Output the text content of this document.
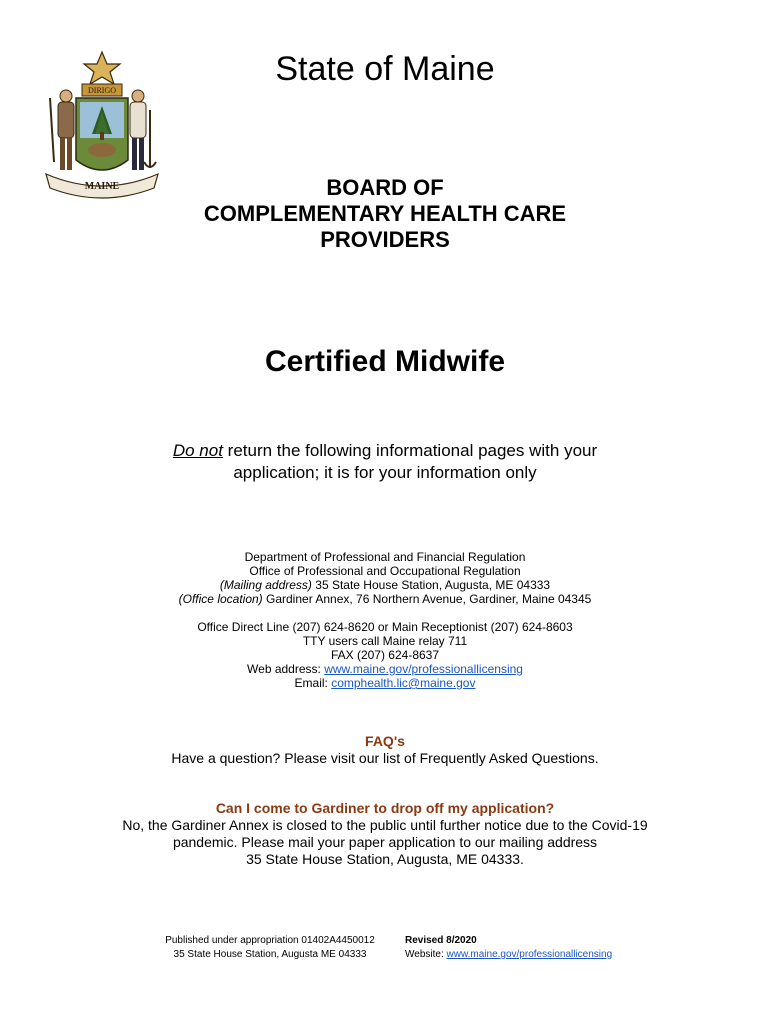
DIRIGO
MAINE
State of Maine
BOARD OF
COMPLEMENTARY HEALTH CARE
PROVIDERS
Certified Midwife
Do not return the following informational pages with your
application; it is for your information only
Department of Professional and Financial Regulation
Office of Professional and Occupational Regulation
(Mailing address) 35 State House Station, Augusta, ME 04333
(Office location) Gardiner Annex, 76 Northern Avenue, Gardiner, Maine 04345
Office Direct Line (207) 624-8620 or Main Receptionist (207) 624-8603
TTY users call Maine relay 711
FAX (207) 624-8637
Web address: www.maine.gov/professionallicensing
Email: comphealth.lic@maine.gov
FAQ's
Have a question? Please visit our list of Frequently Asked Questions.
Can I come to Gardiner to drop off my application?
No, the Gardiner Annex is closed to the public until further notice due to the Covid-19
pandemic. Please mail your paper application to our mailing address
35 State House Station, Augusta, ME 04333.
Published under appropriation 01402A4450012	Revised 8/2020
35 State House Station, Augusta ME 04333	Website: www.maine.gov/professionallicensing
